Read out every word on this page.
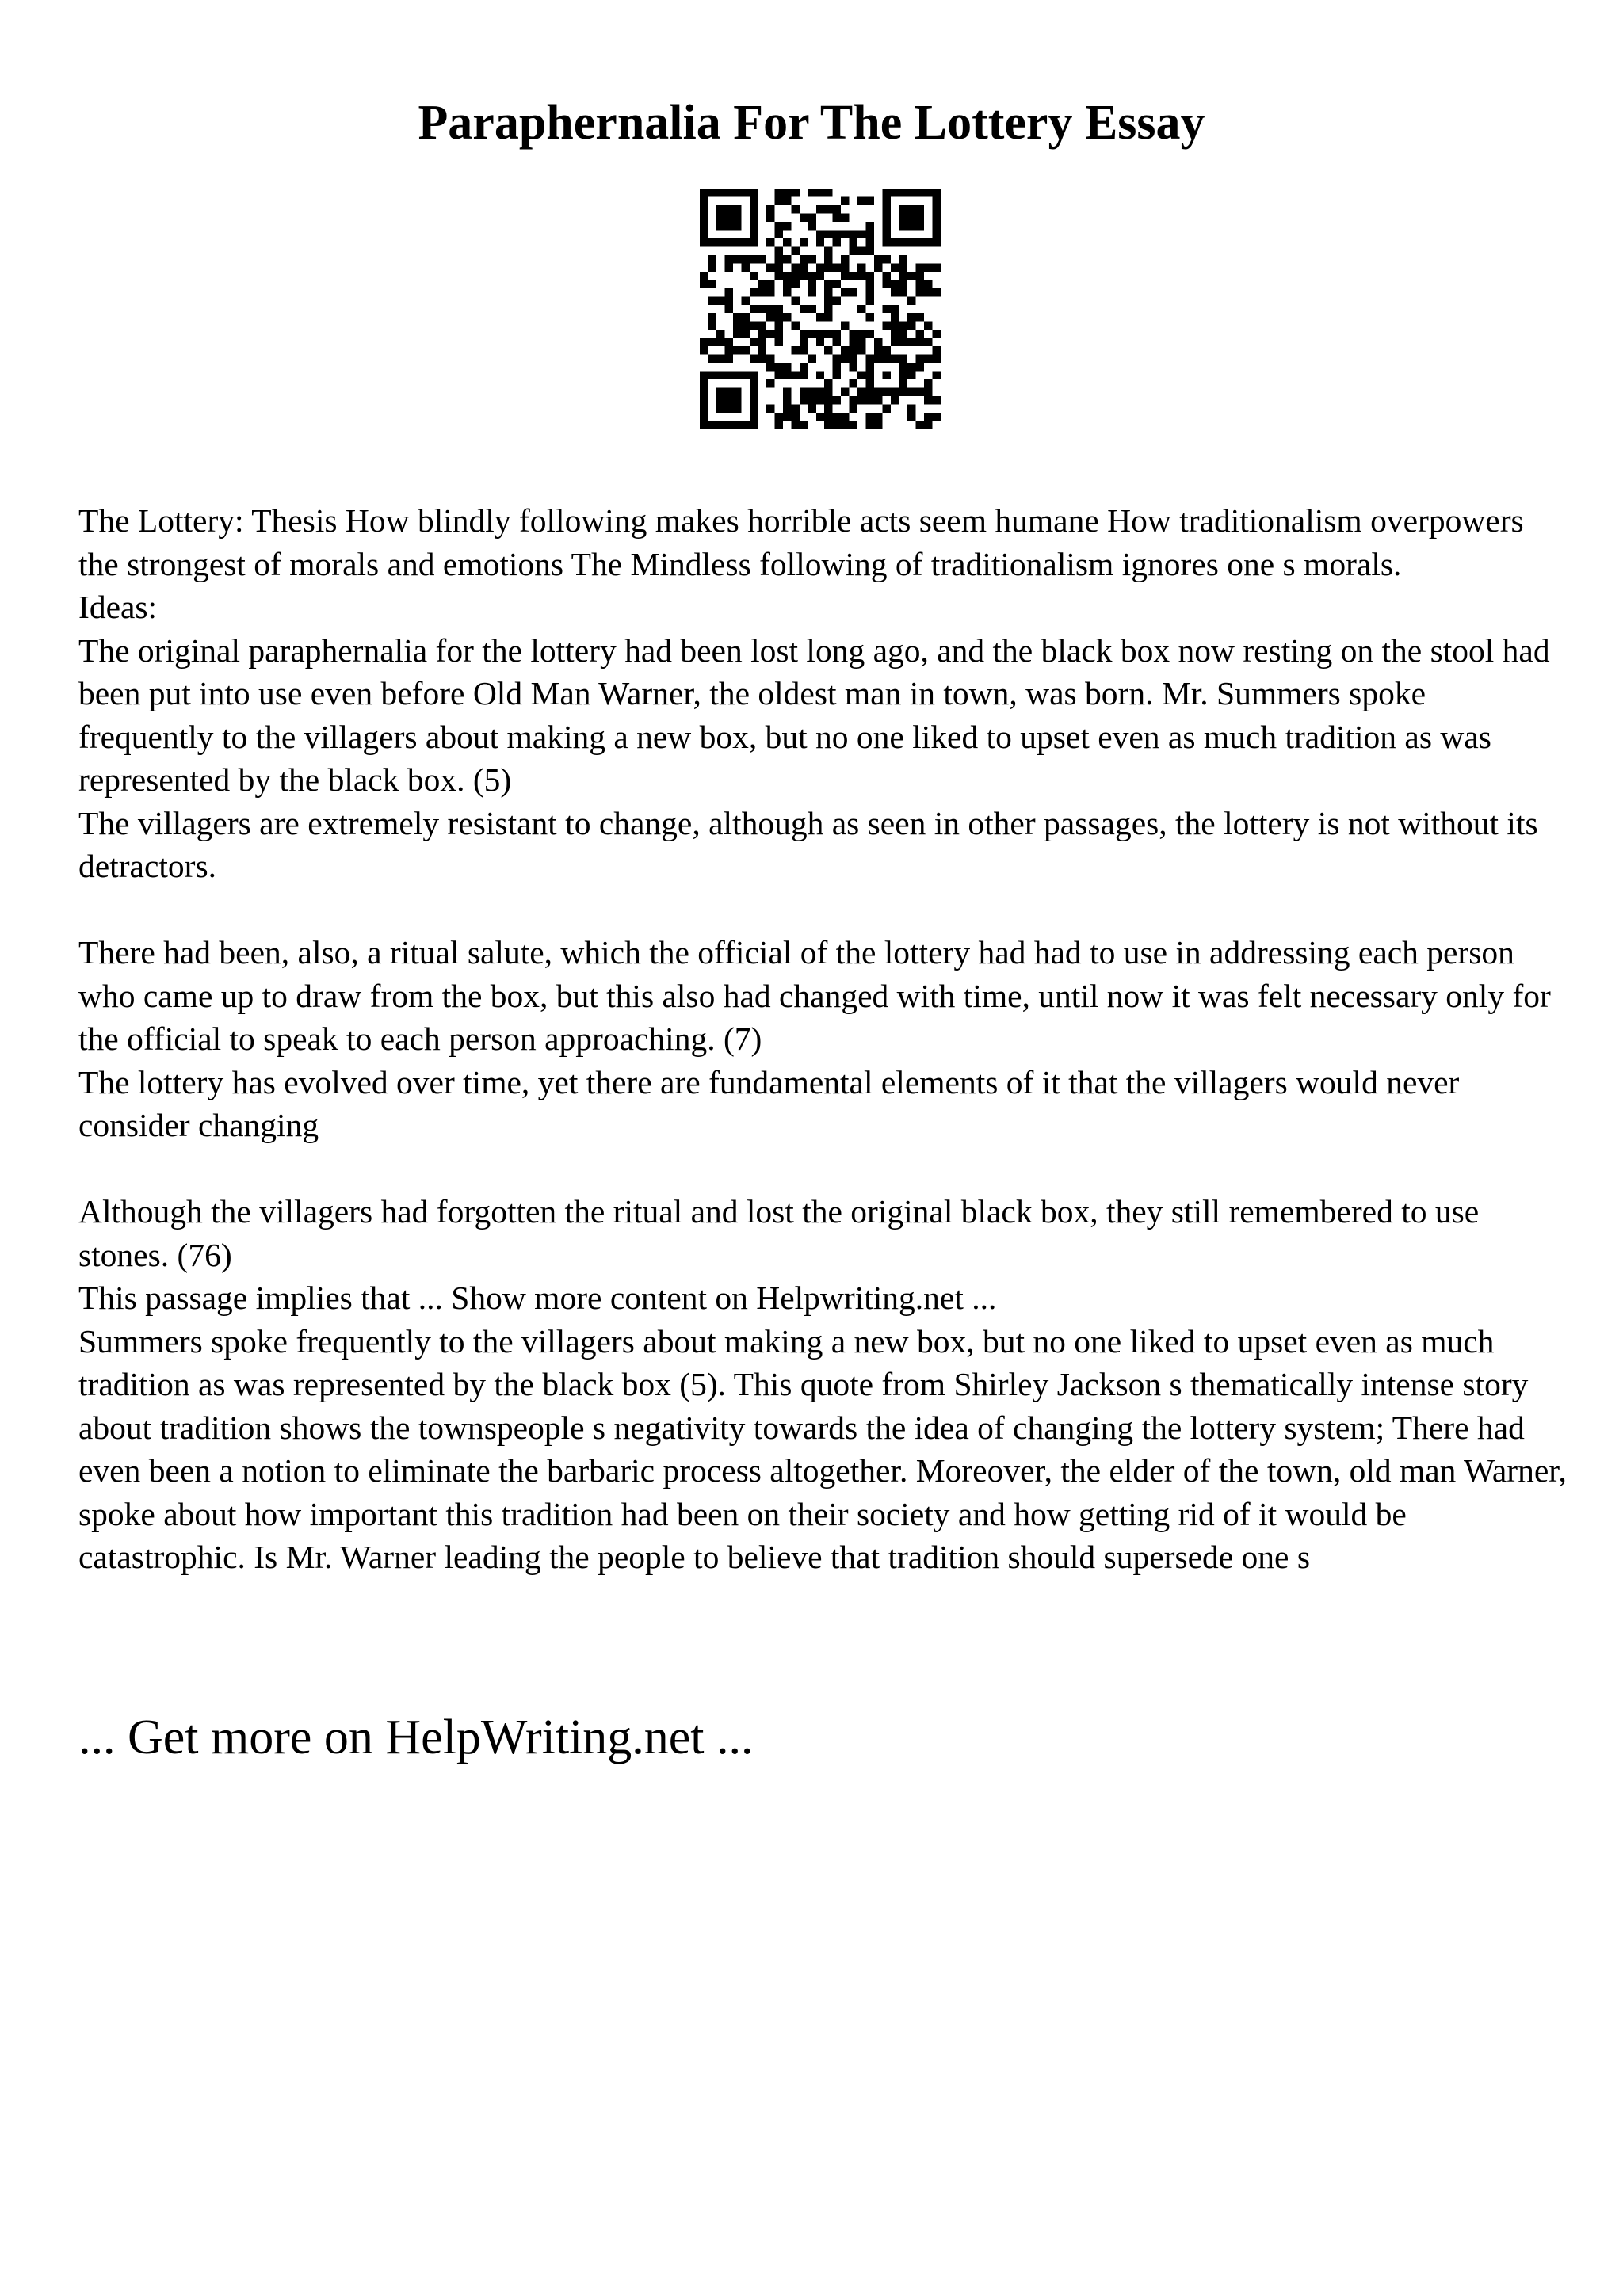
Paraphernalia For The Lottery Essay

The Lottery: Thesis How blindly following makes horrible acts seem humane How traditionalism overpowers the strongest of morals and emotions The Mindless following of traditionalism ignores one s morals.

Ideas:

The original paraphernalia for the lottery had been lost long ago, and the black box now resting on the stool had been put into use even before Old Man Warner, the oldest man in town, was born. Mr. Summers spoke frequently to the villagers about making a new box, but no one liked to upset even as much tradition as was represented by the black box. (5)

The villagers are extremely resistant to change, although as seen in other passages, the lottery is not without its detractors.

There had been, also, a ritual salute, which the official of the lottery had had to use in addressing each person who came up to draw from the box, but this also had changed with time, until now it was felt necessary only for the official to speak to each person approaching. (7)

The lottery has evolved over time, yet there are fundamental elements of it that the villagers would never consider changing

Although the villagers had forgotten the ritual and lost the original black box, they still remembered to use stones. (76)

This passage implies that ... Show more content on Helpwriting.net ...

Summers spoke frequently to the villagers about making a new box, but no one liked to upset even as much tradition as was represented by the black box (5). This quote from Shirley Jackson s thematically intense story about tradition shows the townspeople s negativity towards the idea of changing the lottery system; There had even been a notion to eliminate the barbaric process altogether. Moreover, the elder of the town, old man Warner, spoke about how important this tradition had been on their society and how getting rid of it would be catastrophic. Is Mr. Warner leading the people to believe that tradition should supersede one s

... Get more on HelpWriting.net ...
